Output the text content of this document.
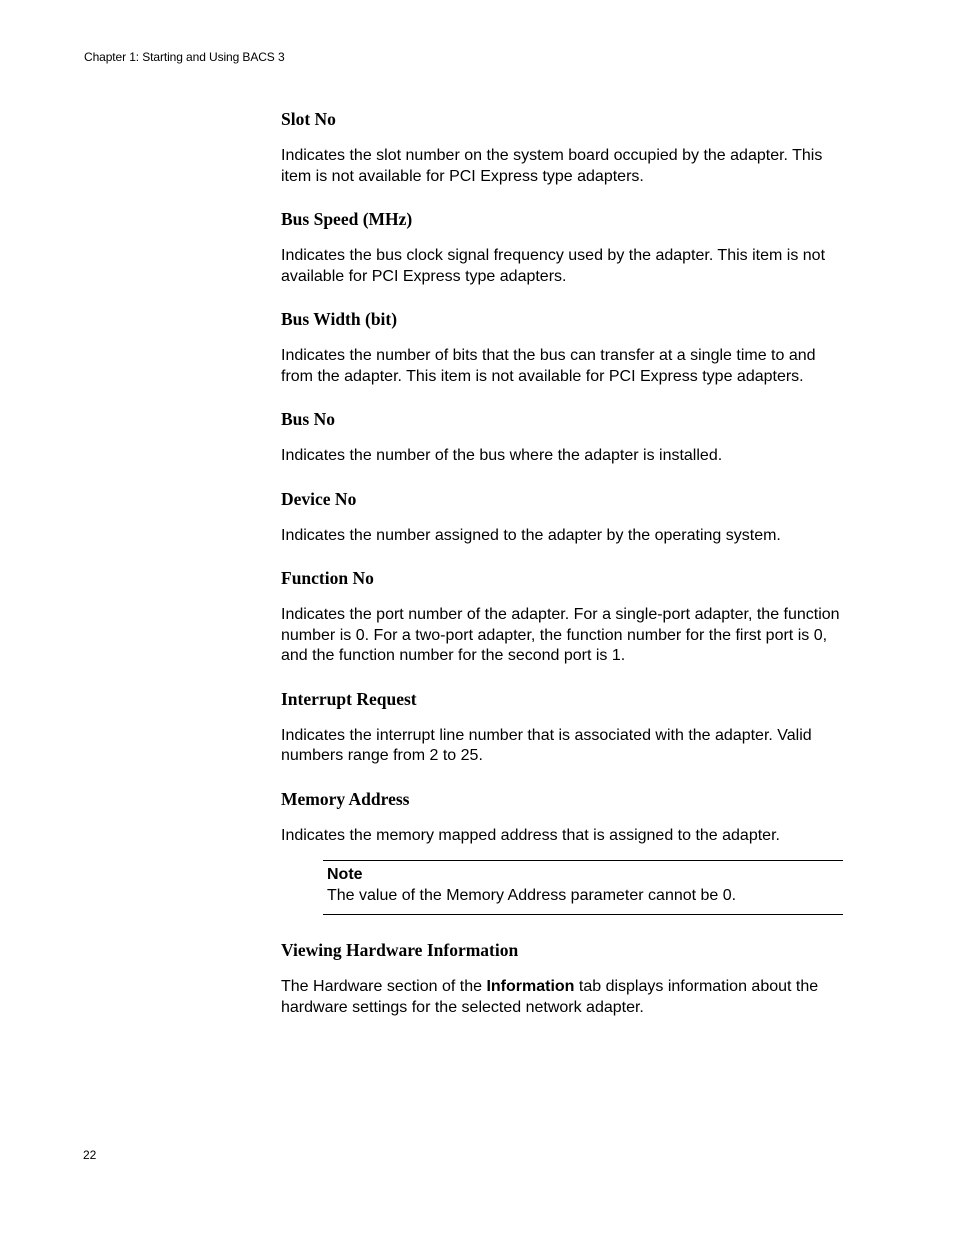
Chapter 1: Starting and Using BACS 3
Slot No
Indicates the slot number on the system board occupied by the adapter. This item is not available for PCI Express type adapters.
Bus Speed (MHz)
Indicates the bus clock signal frequency used by the adapter. This item is not available for PCI Express type adapters.
Bus Width (bit)
Indicates the number of bits that the bus can transfer at a single time to and from the adapter. This item is not available for PCI Express type adapters.
Bus No
Indicates the number of the bus where the adapter is installed.
Device No
Indicates the number assigned to the adapter by the operating system.
Function No
Indicates the port number of the adapter. For a single-port adapter, the function number is 0. For a two-port adapter, the function number for the first port is 0, and the function number for the second port is 1.
Interrupt Request
Indicates the interrupt line number that is associated with the adapter. Valid numbers range from 2 to 25.
Memory Address
Indicates the memory mapped address that is assigned to the adapter.
Note
The value of the Memory Address parameter cannot be 0.
Viewing Hardware Information
The Hardware section of the Information tab displays information about the hardware settings for the selected network adapter.
22
